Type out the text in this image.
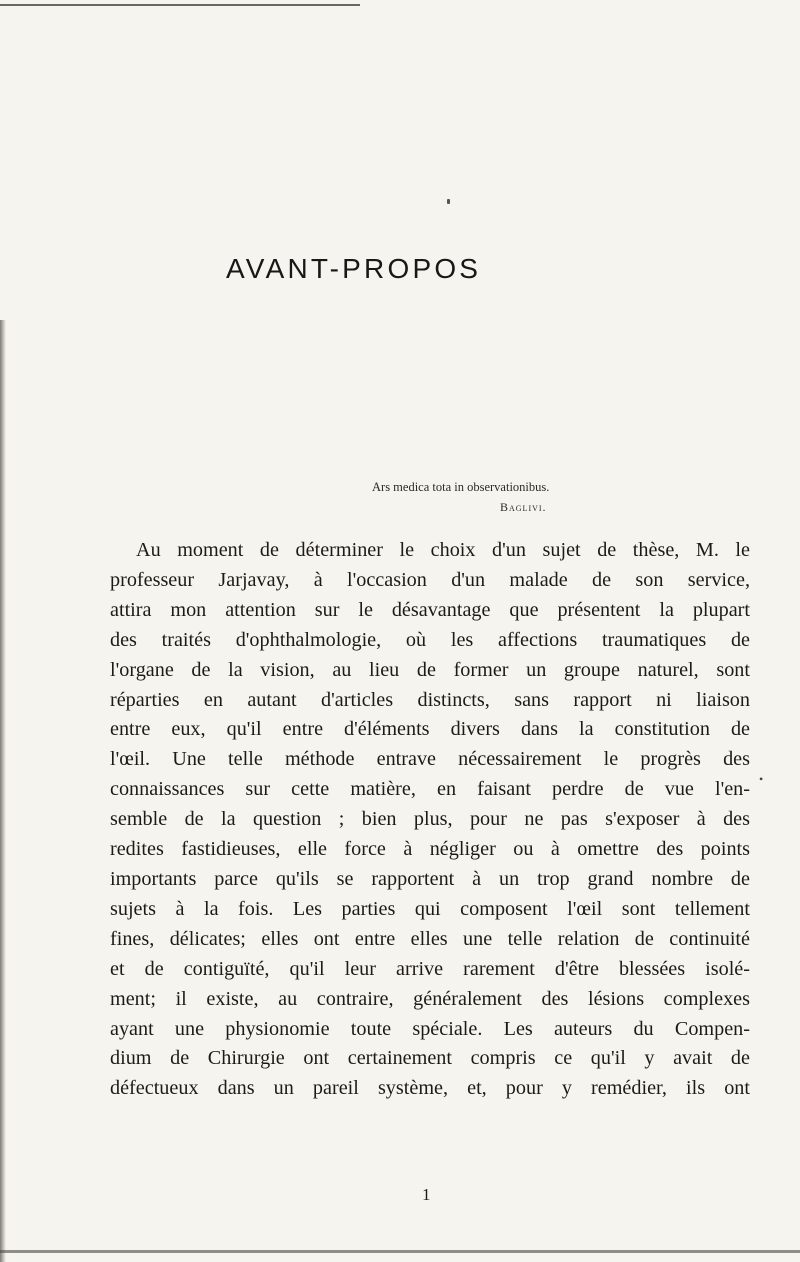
AVANT-PROPOS
Ars medica tota in observationibus.
Baglivi.
Au moment de déterminer le choix d'un sujet de thèse, M. le
professeur Jarjavay, à l'occasion d'un malade de son service,
attira mon attention sur le désavantage que présentent la plupart
des traités d'ophthalmologie, où les affections traumatiques de
l'organe de la vision, au lieu de former un groupe naturel, sont
réparties en autant d'articles distincts, sans rapport ni liaison
entre eux, qu'il entre d'éléments divers dans la constitution de
l'œil. Une telle méthode entrave nécessairement le progrès des
connaissances sur cette matière, en faisant perdre de vue l'en-
semble de la question ; bien plus, pour ne pas s'exposer à des
redites fastidieuses, elle force à négliger ou à omettre des points
importants parce qu'ils se rapportent à un trop grand nombre de
sujets à la fois. Les parties qui composent l'œil sont tellement
fines, délicates; elles ont entre elles une telle relation de continuité
et de contiguïté, qu'il leur arrive rarement d'être blessées isolé-
ment; il existe, au contraire, généralement des lésions complexes
ayant une physionomie toute spéciale. Les auteurs du Compen-
dium de Chirurgie ont certainement compris ce qu'il y avait de
défectueux dans un pareil système, et, pour y remédier, ils ont
•
1
